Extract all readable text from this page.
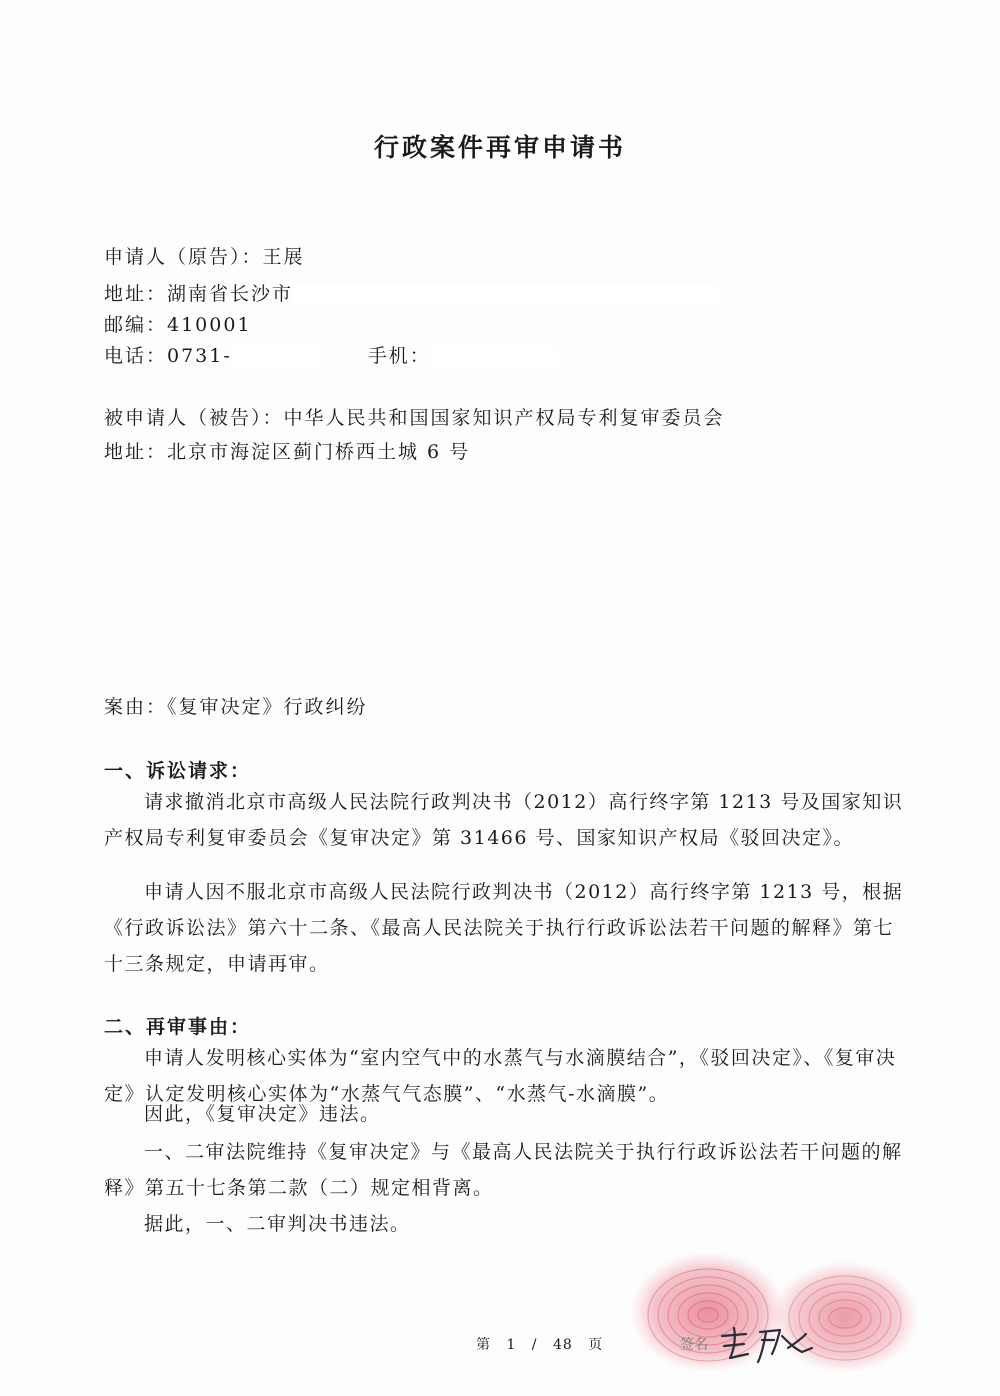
行政案件再审申请书
申请人（原告）：王展
地址：湖南省长沙市
邮编：410001
电话：0731-	手机：
被申请人（被告）：中华人民共和国国家知识产权局专利复审委员会
地址：北京市海淀区蓟门桥西土城 6 号
案由：《复审决定》行政纠纷
一、诉讼请求：
请求撤消北京市高级人民法院行政判决书（2012）高行终字第 1213 号及国家知识产权局专利复审委员会《复审决定》第 31466 号、国家知识产权局《驳回决定》。
申请人因不服北京市高级人民法院行政判决书（2012）高行终字第 1213 号，根据《行政诉讼法》第六十二条、《最高人民法院关于执行行政诉讼法若干问题的解释》第七十三条规定，申请再审。
二、再审事由：
申请人发明核心实体为“室内空气中的水蒸气与水滴膜结合”，《驳回决定》、《复审决定》认定发明核心实体为“水蒸气气态膜”、“水蒸气-水滴膜”。
因此，《复审决定》违法。
一、二审法院维持《复审决定》与《最高人民法院关于执行行政诉讼法若干问题的解释》第五十七条第二款（二）规定相背离。
据此，一、二审判决书违法。
第 1 / 48 页	签名
